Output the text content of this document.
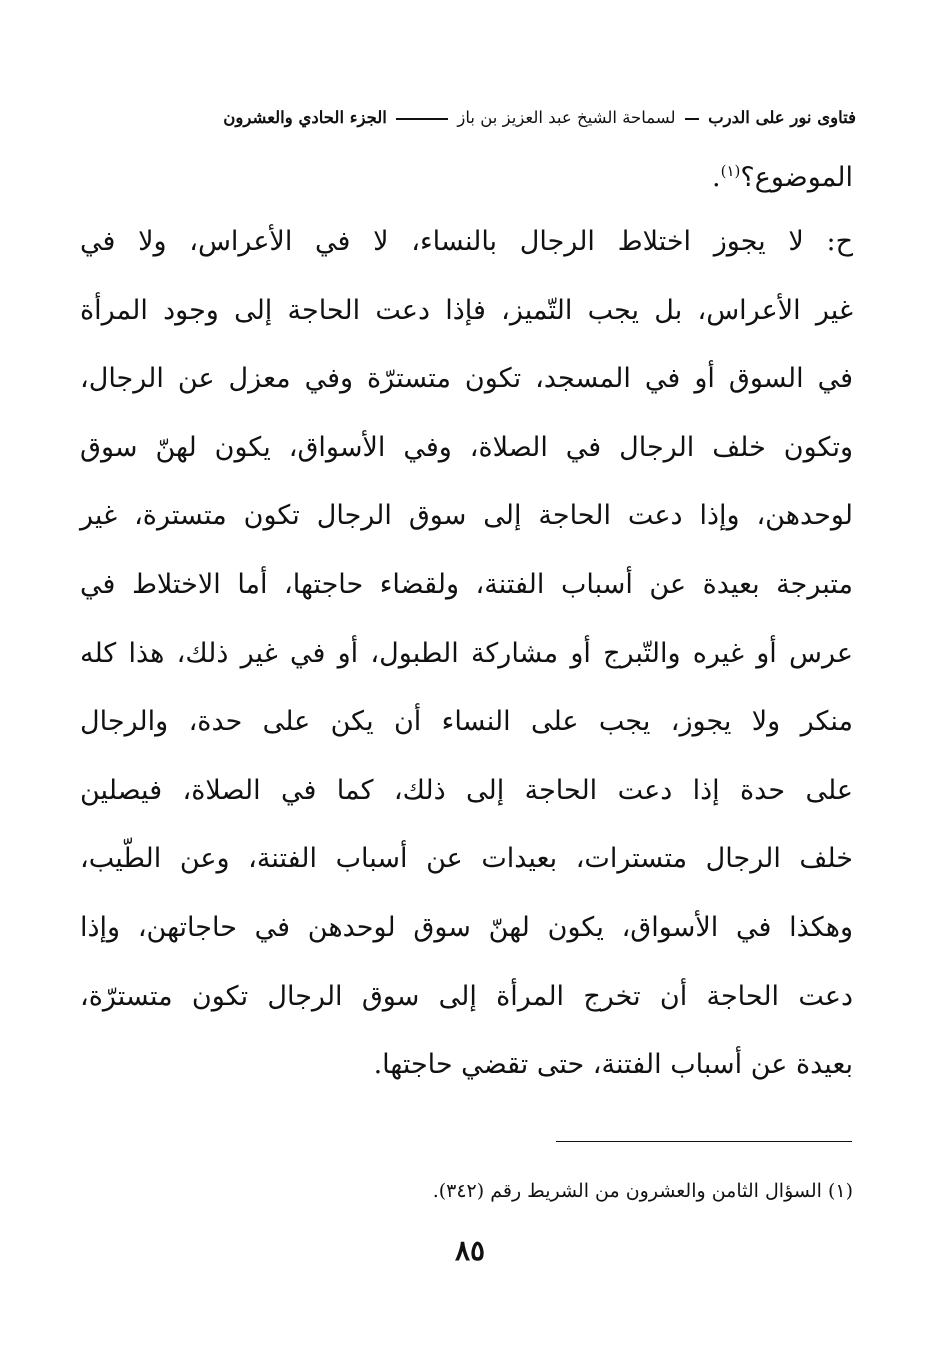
فتاوى نور على الدرب  لسماحة الشيخ عبد العزيز بن باز  الجزء الحادي والعشرون
الموضوع؟$^{(١)}$.
ح: لا يجوز اختلاط الرجال بالنساء، لا في الأعراس، ولا في
غير الأعراس، بل يجب التّميز، فإذا دعت الحاجة إلى وجود المرأة
في السوق أو في المسجد، تكون متسترّة وفي معزل عن الرجال،
وتكون خلف الرجال في الصلاة، وفي الأسواق، يكون لهنّ سوق
لوحدهن، وإذا دعت الحاجة إلى سوق الرجال تكون متسترة، غير
متبرجة بعيدة عن أسباب الفتنة، ولقضاء حاجتها، أما الاختلاط في
عرس أو غيره والتّبرج أو مشاركة الطبول، أو في غير ذلك، هذا كله
منكر ولا يجوز، يجب على النساء أن يكن على حدة، والرجال
على حدة إذا دعت الحاجة إلى ذلك، كما في الصلاة، فيصلين
خلف الرجال متسترات، بعيدات عن أسباب الفتنة، وعن الطّيب،
وهكذا في الأسواق، يكون لهنّ سوق لوحدهن في حاجاتهن، وإذا
دعت الحاجة أن تخرج المرأة إلى سوق الرجال تكون متسترّة،
بعيدة عن أسباب الفتنة، حتى تقضي حاجتها.
(١) السؤال الثامن والعشرون من الشريط رقم (٣٤٢).
٨٥
